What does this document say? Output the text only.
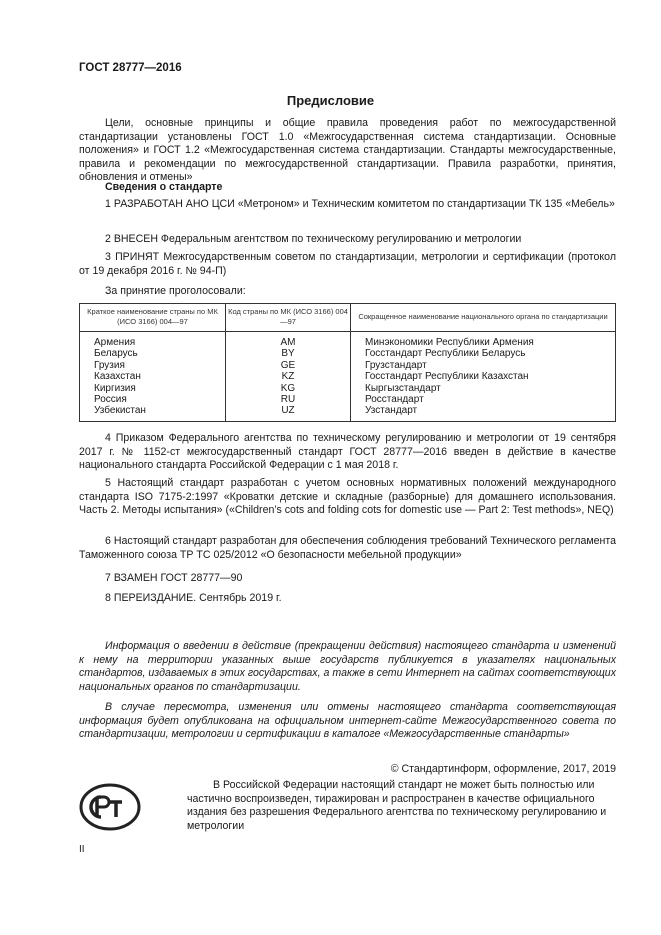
ГОСТ 28777—2016
Предисловие
Цели, основные принципы и общие правила проведения работ по межгосударственной стандартизации установлены ГОСТ 1.0 «Межгосударственная система стандартизации. Основные положения» и ГОСТ 1.2 «Межгосударственная система стандартизации. Стандарты межгосударственные, правила и рекомендации по межгосударственной стандартизации. Правила разработки, принятия, обновления и отмены»
Сведения о стандарте
1 РАЗРАБОТАН АНО ЦСИ «Метроном» и Техническим комитетом по стандартизации ТК 135 «Мебель»
2 ВНЕСЕН Федеральным агентством по техническому регулированию и метрологии
3 ПРИНЯТ Межгосударственным советом по стандартизации, метрологии и сертификации (протокол от 19 декабря 2016 г. № 94-П)
За принятие проголосовали:
Краткое наименование страны по МК (ИСО 3166) 004—97	Код страны по МК (ИСО 3166) 004—97	Сокращенное наименование национального органа по стандартизации
Армения	AM	Минэкономики Республики Армения
Беларусь	BY	Госстандарт Республики Беларусь
Грузия	GE	Грузстандарт
Казахстан	KZ	Госстандарт Республики Казахстан
Киргизия	KG	Кыргызстандарт
Россия	RU	Росстандарт
Узбекистан	UZ	Узстандарт
4 Приказом Федерального агентства по техническому регулированию и метрологии от 19 сентября 2017 г. № 1152-ст межгосударственный стандарт ГОСТ 28777—2016 введен в действие в качестве национального стандарта Российской Федерации с 1 мая 2018 г.
5 Настоящий стандарт разработан с учетом основных нормативных положений международного стандарта ISO 7175-2:1997 «Кроватки детские и складные (разборные) для домашнего использования. Часть 2. Методы испытания» («Children’s cots and folding cots for domestic use — Part 2: Test methods», NEQ)
6 Настоящий стандарт разработан для обеспечения соблюдения требований Технического регламента Таможенного союза ТР ТС 025/2012 «О безопасности мебельной продукции»
7 ВЗАМЕН ГОСТ 28777—90
8 ПЕРЕИЗДАНИЕ. Сентябрь 2019 г.
Информация о введении в действие (прекращении действия) настоящего стандарта и изменений к нему на территории указанных выше государств публикуется в указателях национальных стандартов, издаваемых в этих государствах, а также в сети Интернет на сайтах соответствующих национальных органов по стандартизации.
В случае пересмотра, изменения или отмены настоящего стандарта соответствующая информация будет опубликована на официальном интернет-сайте Межгосударственного совета по стандартизации, метрологии и сертификации в каталоге «Межгосударственные стандарты»
© Стандартинформ, оформление, 2017, 2019
В Российской Федерации настоящий стандарт не может быть полностью или частично воспроизведен, тиражирован и распространен в качестве официального издания без разрешения Федерального агентства по техническому регулированию и метрологии
II
